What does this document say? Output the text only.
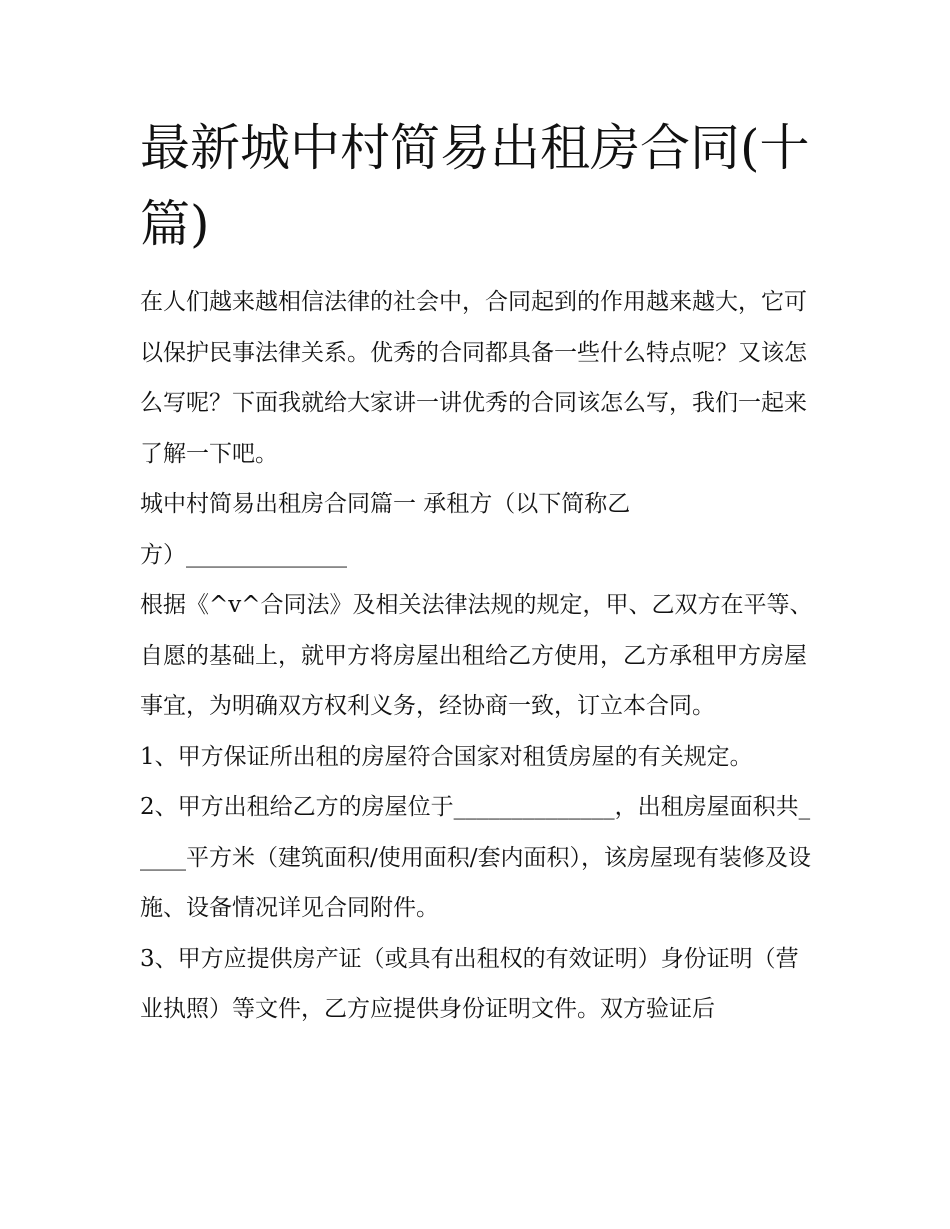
最新城中村简易出租房合同(十篇)

在人们越来越相信法律的社会中，合同起到的作用越来越大，它可以保护民事法律关系。优秀的合同都具备一些什么特点呢？又该怎么写呢？下面我就给大家讲一讲优秀的合同该怎么写，我们一起来了解一下吧。

城中村简易出租房合同篇一 承租方（以下简称乙

方）______________

根据《^v^合同法》及相关法律法规的规定，甲、乙双方在平等、自愿的基础上，就甲方将房屋出租给乙方使用，乙方承租甲方房屋事宜，为明确双方权利义务，经协商一致，订立本合同。

1、甲方保证所出租的房屋符合国家对租赁房屋的有关规定。

2、甲方出租给乙方的房屋位于______________，出租房屋面积共_____平方米（建筑面积/使用面积/套内面积），该房屋现有装修及设施、设备情况详见合同附件。

3、甲方应提供房产证（或具有出租权的有效证明）身份证明（营业执照）等文件，乙方应提供身份证明文件。双方验证后
